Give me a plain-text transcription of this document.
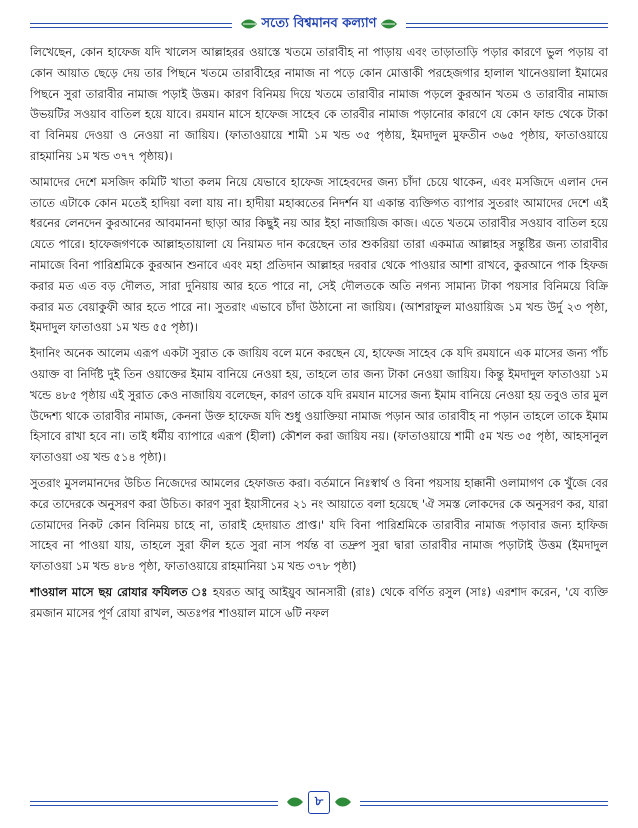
সত্যে বিশ্বমানব কল্যাণ

লিখেছেন, কোন হাফেজ যদি খালেস আল্লাহরর ওয়াস্তে খতমে তারাবীহ না পাড়ায় এবং তাড়াতাড়ি পড়ার কারণে ভুল পড়ায় বা কোন আয়াত ছেড়ে দেয় তার পিছনে খতমে তারাবীহের নামাজ না পড়ে কোন মোত্তাকী পরহেজগার হালাল খানেওয়ালা ইমামের পিছনে সুরা তারাবীর নামাজ পড়াই উত্তম। কারণ বিনিময় দিয়ে খতমে তারাবীর নামাজ পড়লে কুরআন খতম ও তারাবীর নামাজ উভয়টির সওয়াব বাতিল হয়ে যাবে। রমযান মাসে হাফেজ সাহেব কে তারবীর নামাজ পড়ানোর কারণে যে কোন ফান্ড থেকে টাকা বা বিনিময় দেওয়া ও নেওয়া না জায়িয। (ফাতাওয়ায়ে শামী ১ম খন্ড ৩৫ পৃষ্ঠায়, ইমদাদুল মুফতীন ৩৬৫ পৃষ্ঠায়, ফাতাওয়ায়ে রাহমানিয় ১ম খন্ড ৩৭৭ পৃষ্ঠায়)।

আমাদের দেশে মসজিদ কমিটি খাতা কলম নিয়ে যেভাবে হাফেজ সাহেবদের জন্য চাঁদা চেয়ে থাকেন, এবং মসজিদে এলান দেন তাতে এটাকে কোন মতেই হাদিয়া বলা যায় না। হাদীয়া মহাব্বতের নিদর্শন যা একান্ত ব্যক্তিগত ব্যাপার সুতরাং আমাদের দেশে এই ধরনের লেনদেন কুরআনের আবমাননা ছাড়া আর কিছুই নয় আর ইহা নাজায়িজ কাজ। এতে খতমে তারাবীর সওয়াব বাতিল হয়ে যেতে পারে। হাফেজগণকে আল্লাহতায়ালা যে নিয়ামত দান করেছেন তার শুকরিয়া তারা একমাত্র আল্লাহর সন্তুষ্টির জন্য তারাবীর নামাজে বিনা পারিশ্রমিকে কুরআন শুনাবে এবং মহা প্রতিদান আল্লাহর দরবার থেকে পাওয়ার আশা রাখবে, কুরআনে পাক হিফজ করার মত এত বড় দৌলত, সারা দুনিয়ায় আর হতে পারে না, সেই দৌলতকে অতি নগন্য সামান্য টাকা পয়সার বিনিময়ে বিক্রি করার মত বেয়াকুফী আর হতে পারে না। সুতরাং এভাবে চাঁদা উঠানো না জায়িয। (আশরাফুল মাওয়ায়িজ ১ম খন্ড উর্দু ২৩ পৃষ্ঠা, ইমদাদুল ফাতাওয়া ১ম খন্ড ৫৫ পৃষ্ঠা)।

ইদানিং অনেক আলেম এরূপ একটা সুরাত কে জায়িয বলে মনে করছেন যে, হাফেজ সাহেব কে যদি রমযানে এক মাসের জন্য পাঁচ ওয়াক্ত বা নির্দিষ্ট দুই তিন ওয়াক্তের ইমাম বানিয়ে নেওয়া হয়, তাহলে তার জন্য টাকা নেওয়া জায়িয। কিন্তু ইমদাদুল ফাতাওয়া ১ম খন্ডে ৪৮৫ পৃষ্ঠায় এই সুরাত কেও নাজায়িয বলেছেন, কারণ তাকে যদি রমযান মাসের জন্য ইমাম বানিয়ে নেওয়া হয় তবুও তার মুল উদ্দেশ্য থাকে তারাবীর নামাজ, কেননা উক্ত হাফেজ যদি শুধু ওয়াক্তিয়া নামাজ পড়ান আর তারাবীহ না পড়ান তাহলে তাকে ইমাম হিসাবে রাখা হবে না। তাই ধর্মীয় ব্যাপারে এরূপ (হীলা) কৌশল করা জায়িয নয়। (ফাতাওয়ায়ে শামী ৫ম খন্ড ৩৫ পৃষ্ঠা, আহসানুল ফাতাওয়া ৩য় খন্ড ৫১৪ পৃষ্ঠা)।

সুতরাং মুসলমানদের উচিত নিজেদের আমলের হেফাজত করা। বর্তমানে নিঃস্বার্থ ও বিনা পয়সায় হাক্কানী ওলামাগণ কে খুঁজে বের করে তাদেরকে অনুসরণ করা উচিত। কারণ সুরা ইয়াসীনের ২১ নং আয়াতে বলা হয়েছে 'ঐ সমস্ত লোকদের কে অনুসরণ কর, যারা তোমাদের নিকট কোন বিনিময় চাহে না, তারাই হেদায়াত প্রাপ্ত।' যদি বিনা পারিশ্রমিকে তারাবীর নামাজ পড়াবার জন্য হাফিজ সাহেব না পাওয়া যায়, তাহলে সুরা ফীল হতে সুরা নাস পর্যন্ত বা তদ্রুপ সুরা দ্বারা তারাবীর নামাজ পড়াটাই উত্তম (ইমদাদুল ফাতাওয়া ১ম খন্ড ৪৮৪ পৃষ্ঠা, ফাতাওয়ায়ে রাহমানিয়া ১ম খন্ড ৩৭৮ পৃষ্ঠা)

শাওয়াল মাসে ছয় রোযার ফযিলত ঃ হযরত আবু আইয়ুব আনসারী (রাঃ) থেকে বর্ণিত রসুল (সাঃ) এরশাদ করেন, 'যে ব্যক্তি রমজান মাসের পূর্ণ রোযা রাখল, অতঃপর শাওয়াল মাসে ৬টি নফল

৮
